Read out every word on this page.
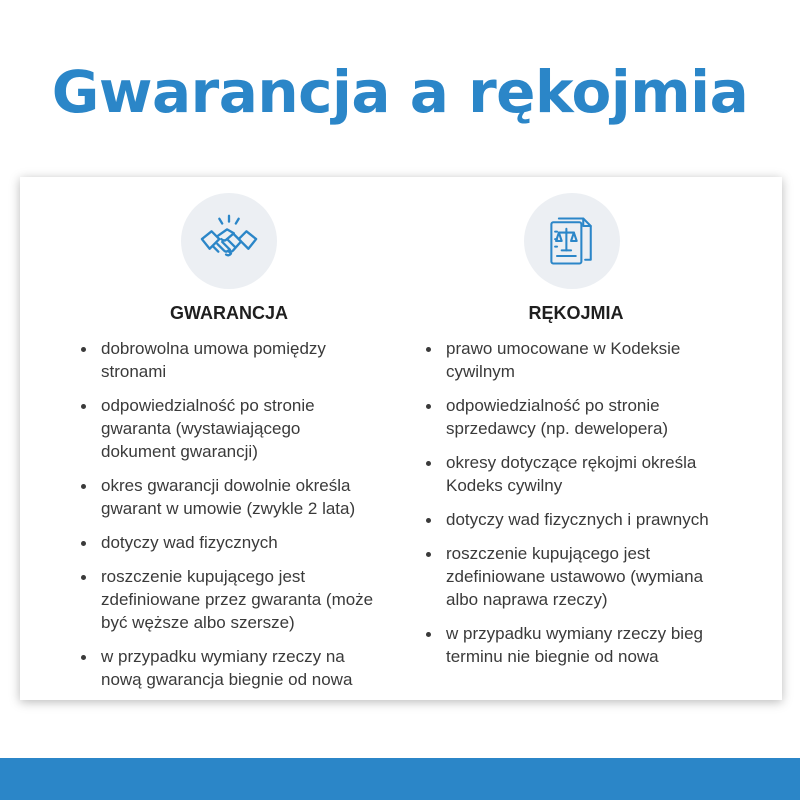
Gwarancja a rękojmia
GWARANCJA
dobrowolna umowa pomiędzy stronami
odpowiedzialność po stronie gwaranta (wystawiającego dokument gwarancji)
okres gwarancji dowolnie określa gwarant w umowie (zwykle 2 lata)
dotyczy wad fizycznych
roszczenie kupującego jest zdefiniowane przez gwaranta (może być węższe albo szersze)
w przypadku wymiany rzeczy na nową gwarancja biegnie od nowa
RĘKOJMIA
prawo umocowane w Kodeksie cywilnym
odpowiedzialność po stronie sprzedawcy (np. dewelopera)
okresy dotyczące rękojmi określa Kodeks cywilny
dotyczy wad fizycznych i prawnych
roszczenie kupującego jest zdefiniowane ustawowo (wymiana albo naprawa rzeczy)
w przypadku wymiany rzeczy bieg terminu nie biegnie od nowa
